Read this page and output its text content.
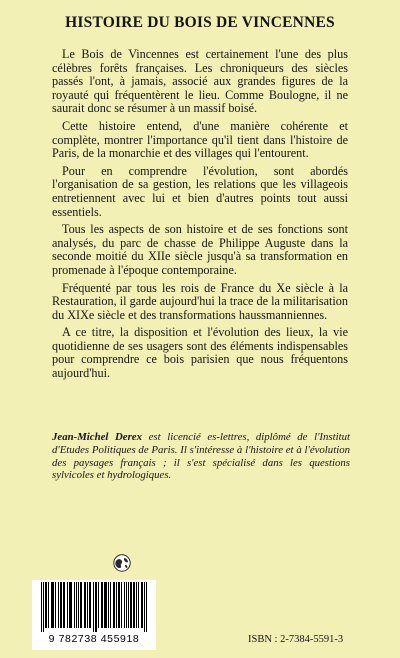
HISTOIRE DU BOIS DE VINCENNES

Le Bois de Vincennes est certainement l'une des plus célèbres forêts françaises. Les chroniqueurs des siècles passés l'ont, à jamais, associé aux grandes figures de la royauté qui fréquentèrent le lieu. Comme Boulogne, il ne saurait donc se résumer à un massif boisé.

Cette histoire entend, d'une manière cohérente et complète, montrer l'importance qu'il tient dans l'histoire de Paris, de la monarchie et des villages qui l'entourent.

Pour en comprendre l'évolution, sont abordés l'organisation de sa gestion, les relations que les villageois entretiennent avec lui et bien d'autres points tout aussi essentiels.

Tous les aspects de son histoire et de ses fonctions sont analysés, du parc de chasse de Philippe Auguste dans la seconde moitié du XIIe siècle jusqu'à sa transformation en promenade à l'époque contemporaine.

Fréquenté par tous les rois de France du Xe siècle à la Restauration, il garde aujourd'hui la trace de la militarisation du XIXe siècle et des transformations haussmanniennes.

A ce titre, la disposition et l'évolution des lieux, la vie quotidienne de ses usagers sont des éléments indispensables pour comprendre ce bois parisien que nous fréquentons aujourd'hui.

Jean-Michel Derex est licencié es-lettres, diplômé de l'Institut d'Etudes Politiques de Paris. Il s'intéresse à l'histoire et à l'évolution des paysages français ; il s'est spécialisé dans les questions sylvicoles et hydrologiques.

9 782738 455918	ISBN : 2-7384-5591-3
